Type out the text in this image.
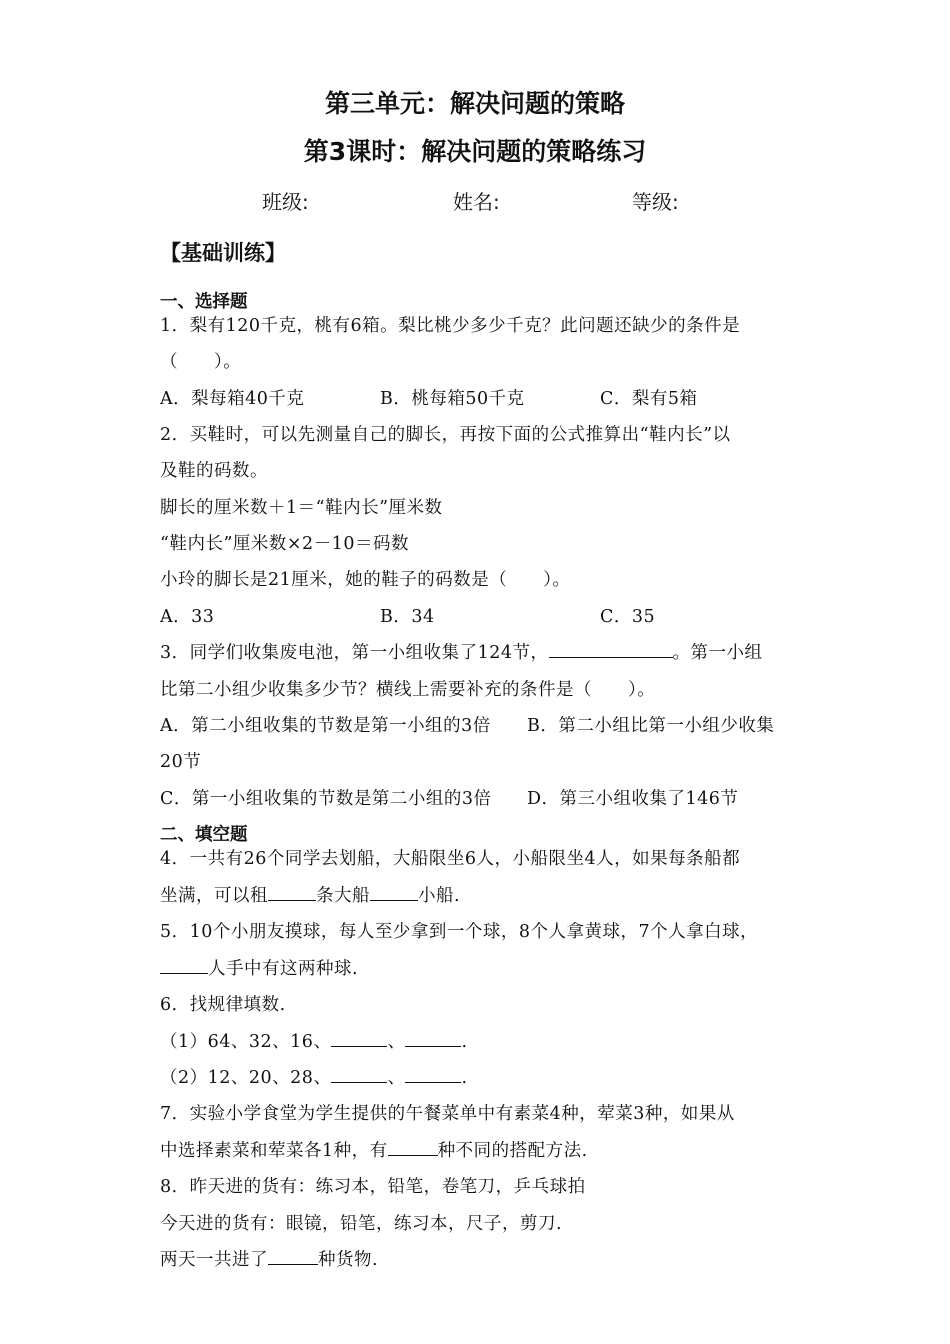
第三单元：解决问题的策略
第3课时：解决问题的策略练习
班级:	姓名:	等级:
【基础训练】
一、选择题
1．梨有120千克，桃有6箱。梨比桃少多少千克？此问题还缺少的条件是
（　　）。
A．梨每箱40千克	B．桃每箱50千克	C．梨有5箱
2．买鞋时，可以先测量自己的脚长，再按下面的公式推算出“鞋内长”以
及鞋的码数。
脚长的厘米数＋1＝“鞋内长”厘米数
“鞋内长”厘米数×2－10＝码数
小玲的脚长是21厘米，她的鞋子的码数是（　　）。
A．33	B．34	C．35
3．同学们收集废电池，第一小组收集了124节，	。第一小组
比第二小组少收集多少节？横线上需要补充的条件是（　　）。
A．第二小组收集的节数是第一小组的3倍 B．第二小组比第一小组少收集
20节
C．第一小组收集的节数是第二小组的3倍 D．第三小组收集了146节
二、填空题
4．一共有26个同学去划船，大船限坐6人，小船限坐4人，如果每条船都
坐满，可以租	条大船	小船.
5．10个小朋友摸球，每人至少拿到一个球，8个人拿黄球，7个人拿白球，
人手中有这两种球.
6．找规律填数.
（1）64、32、16、	、	.
（2）12、20、28、	、	.
7．实验小学食堂为学生提供的午餐菜单中有素菜4种，荤菜3种，如果从
中选择素菜和荤菜各1种，有	种不同的搭配方法.
8．昨天进的货有：练习本，铅笔，卷笔刀，乒乓球拍
今天进的货有：眼镜，铅笔，练习本，尺子，剪刀.
两天一共进了	种货物.
